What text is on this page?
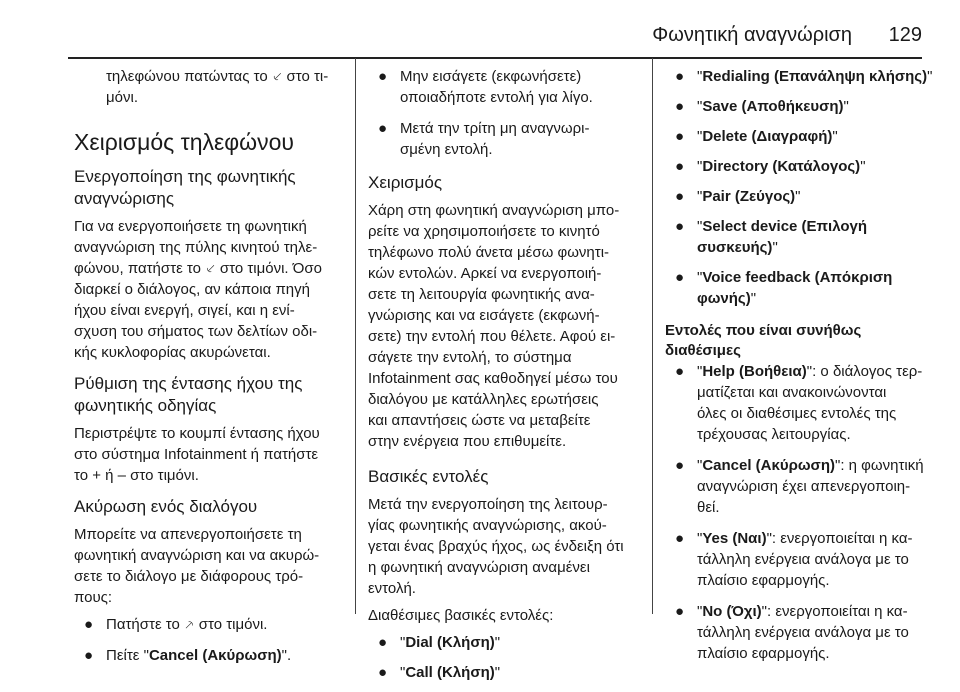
Φωνητική αναγνώριση 129

τηλεφώνου πατώντας το ⸔ στο τι-

μόνι.

Χειρισμός τηλεφώνου
Ενεργοποίηση της φωνητικής
αναγνώρισης

Για να ενεργοποιήσετε τη φωνητική

αναγνώριση της πύλης κινητού τηλε-

φώνου, πατήστε το ⸔ στο τιμόνι. Όσο

διαρκεί ο διάλογος, αν κάποια πηγή

ήχου είναι ενεργή, σιγεί, και η ενί-

σχυση του σήματος των δελτίων οδι-

κής κυκλοφορίας ακυρώνεται.

Ρύθμιση της έντασης ήχου της
φωνητικής οδηγίας

Περιστρέψτε το κουμπί έντασης ήχου

στο σύστημα Infotainment ή πατήστε

το + ή – στο τιμόνι.

Ακύρωση ενός διαλόγου

Μπορείτε να απενεργοποιήσετε τη

φωνητική αναγνώριση και να ακυρώ-

σετε το διάλογο με διάφορους τρό-

πους:

● Πατήστε το ⸕ στο τιμόνι.
● Πείτε "Cancel (Ακύρωση)".
● Μην εισάγετε (εκφωνήσετε)

οποιαδήποτε εντολή για λίγο.

● Μετά την τρίτη μη αναγνωρι-

σμένη εντολή.

Χειρισμός

Χάρη στη φωνητική αναγνώριση μπο-

ρείτε να χρησιμοποιήσετε το κινητό

τηλέφωνο πολύ άνετα μέσω φωνητι-

κών εντολών. Αρκεί να ενεργοποιή-

σετε τη λειτουργία φωνητικής ανα-

γνώρισης και να εισάγετε (εκφωνή-

σετε) την εντολή που θέλετε. Αφού ει-

σάγετε την εντολή, το σύστημα

Infotainment σας καθοδηγεί μέσω του

διαλόγου με κατάλληλες ερωτήσεις

και απαντήσεις ώστε να μεταβείτε

στην ενέργεια που επιθυμείτε.

Βασικές εντολές

Μετά την ενεργοποίηση της λειτουρ-

γίας φωνητικής αναγνώρισης, ακού-

γεται ένας βραχύς ήχος, ως ένδειξη ότι

η φωνητική αναγνώριση αναμένει

εντολή.

Διαθέσιμες βασικές εντολές:

● "Dial (Κλήση)"
● "Call (Κλήση)"
● "Redialing (Επανάληψη κλήσης)"
● "Save (Αποθήκευση)"
● "Delete (Διαγραφή)"
● "Directory (Κατάλογος)"
● "Pair (Ζεύγος)"
● "Select device (Επιλογή
συσκευής)"
● "Voice feedback (Απόκριση
φωνής)"
Εντολές που είναι συνήθως
διαθέσιμες
● "Help (Βοήθεια)": ο διάλογος τερ-
ματίζεται και ανακοινώνονται
όλες οι διαθέσιμες εντολές της
τρέχουσας λειτουργίας.
● "Cancel (Ακύρωση)": η φωνητική
αναγνώριση έχει απενεργοποιη-
θεί.
● "Yes (Ναι)": ενεργοποιείται η κα-
τάλληλη ενέργεια ανάλογα με το
πλαίσιο εφαρμογής.
● "No (Όχι)": ενεργοποιείται η κα-
τάλληλη ενέργεια ανάλογα με το
πλαίσιο εφαρμογής.
